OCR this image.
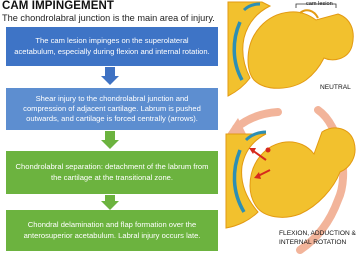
CAM IMPINGEMENT
The chondrolabral junction is the main area of injury.
The cam lesion impinges on the superolateral acetabulum, especially during flexion and internal rotation.
Shear injury to the chondrolabral junction and compression of adjacent cartilage. Labrum is pushed outwards, and cartilage is forced centrally (arrows).
Chondrolabral separation: detachment of the labrum from the cartilage at the transitional zone.
Chondral delamination and flap formation over the anterosuperior acetabulum. Labral injury occurs late.
cam lesion
NEUTRAL
FLEXION, ADDUCTION &
INTERNAL ROTATION
